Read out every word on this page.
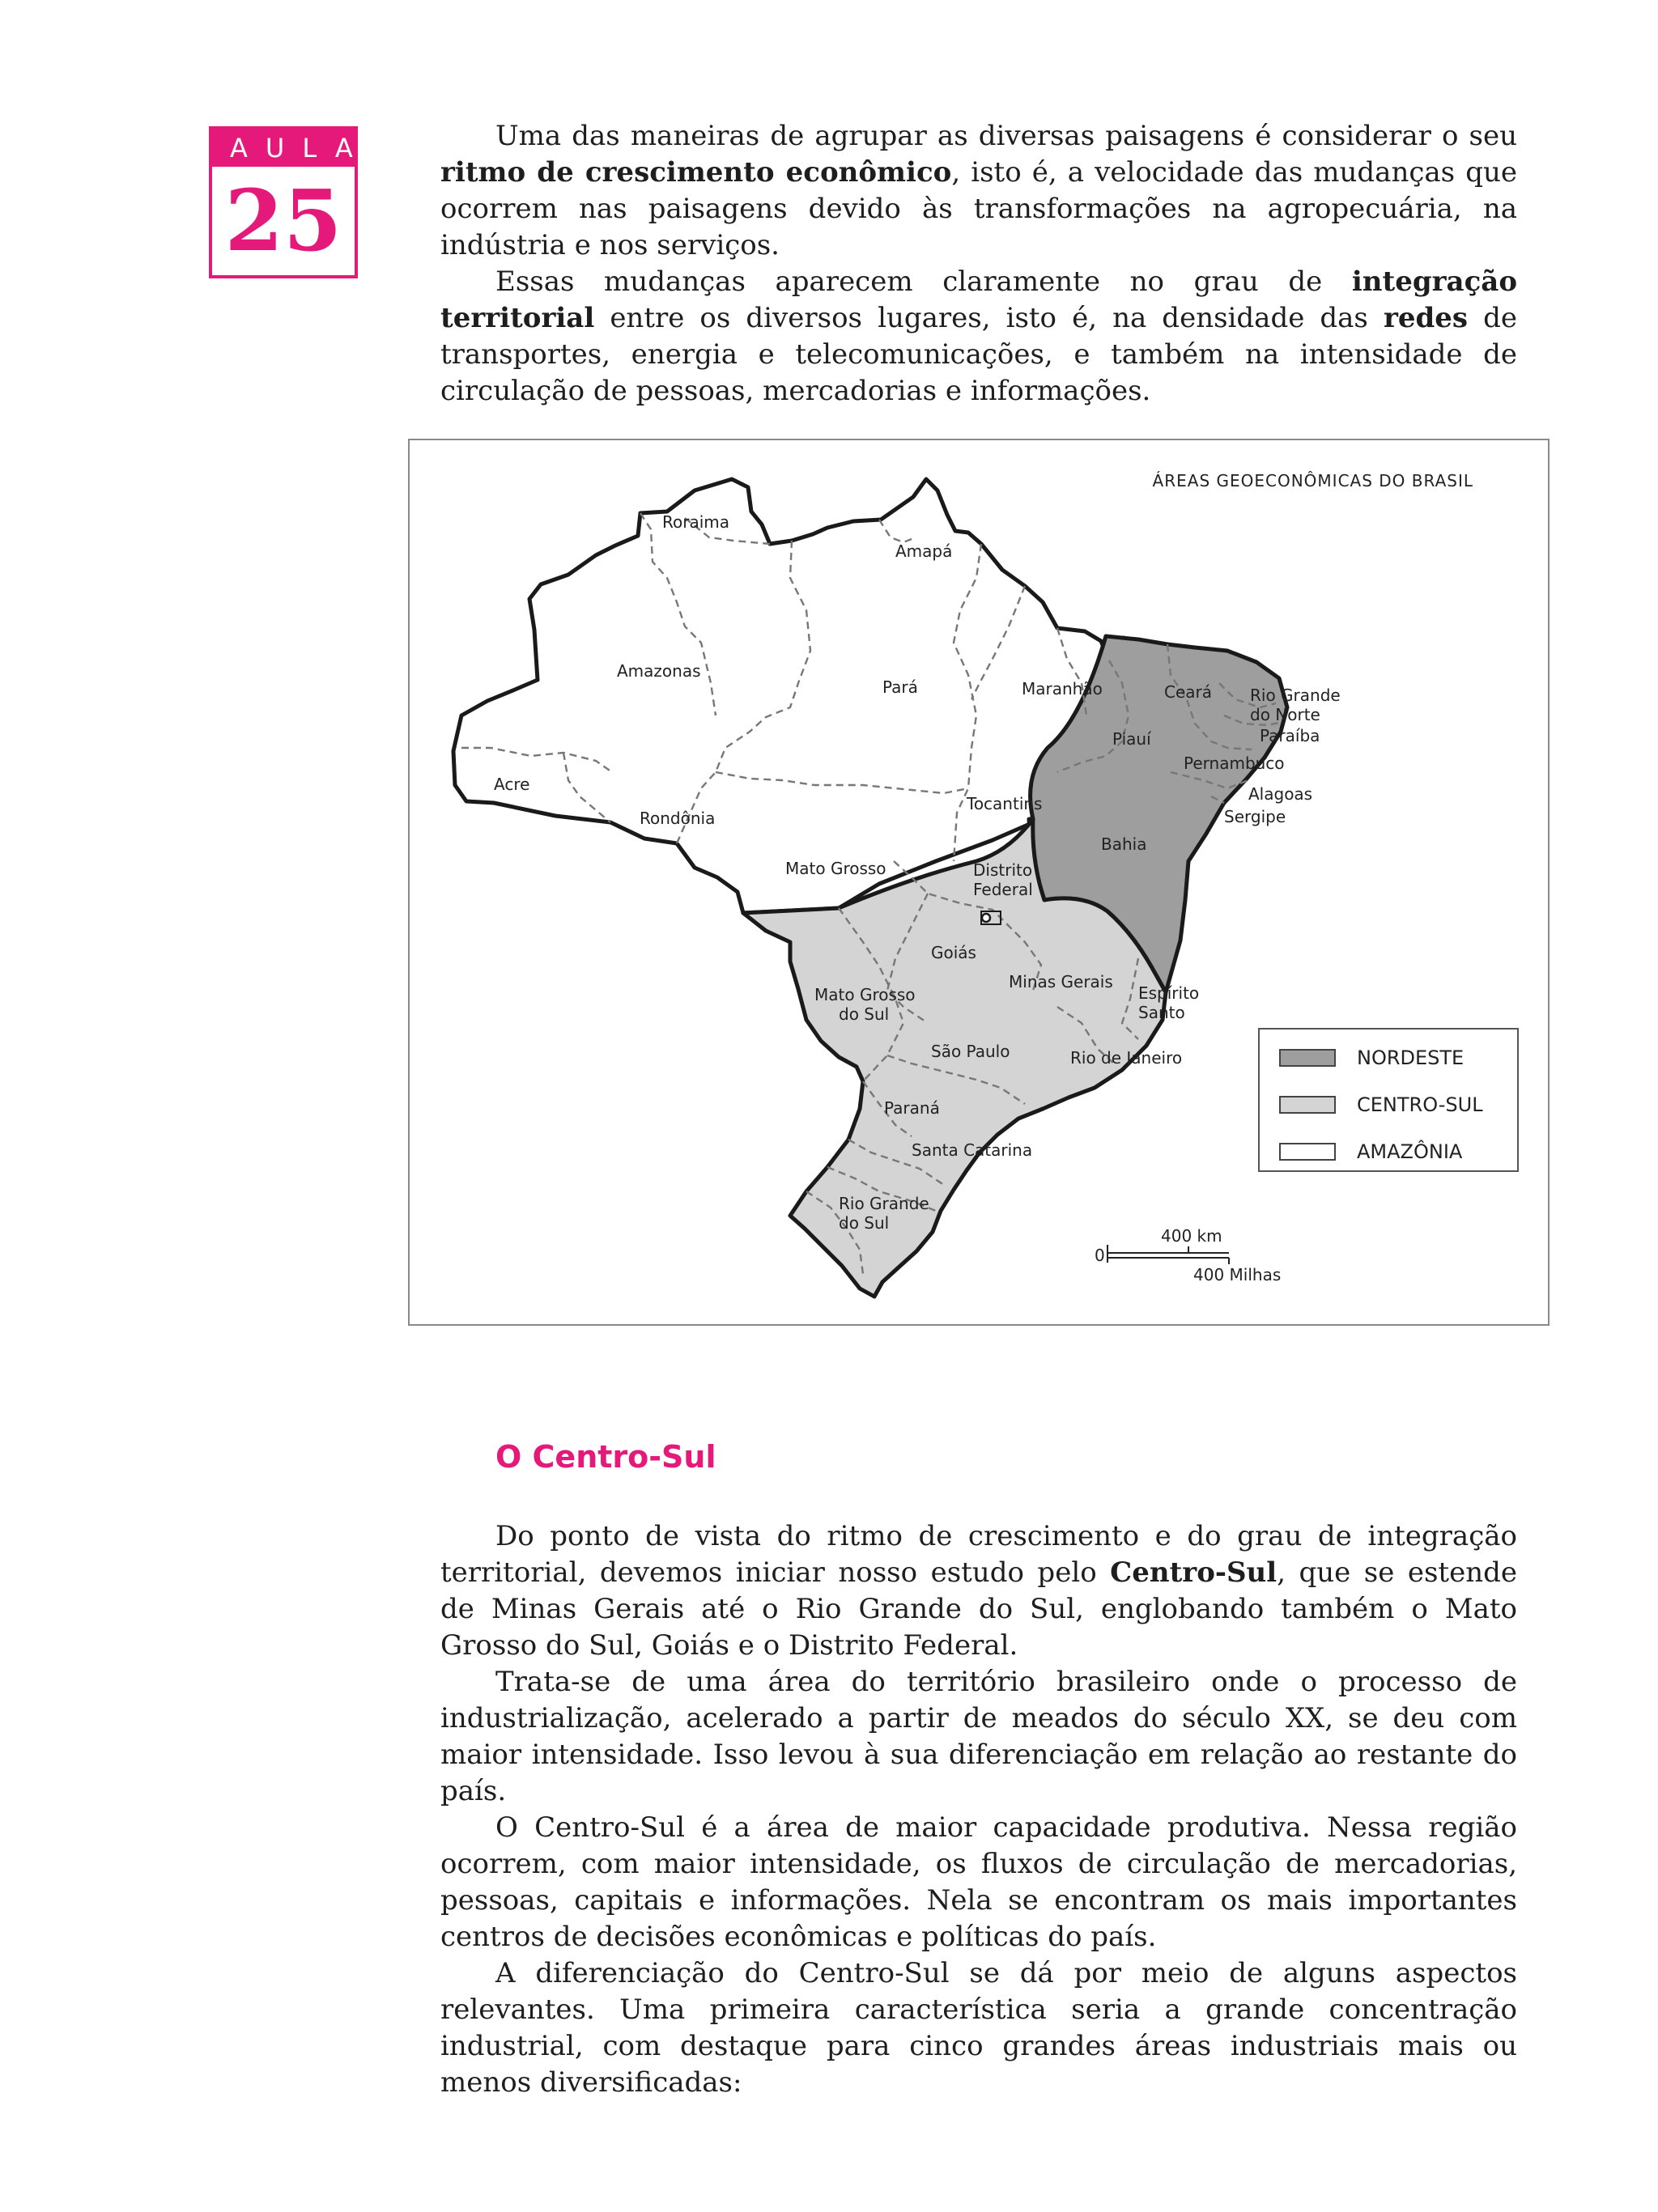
AULA
25

Uma das maneiras de agrupar as diversas paisagens é considerar o seu ritmo de crescimento econômico, isto é, a velocidade das mudanças que ocorrem nas paisagens devido às transformações na agropecuária, na indústria e nos serviços.

Essas mudanças aparecem claramente no grau de integração territorial entre os diversos lugares, isto é, na densidade das redes de transportes, energia e telecomunicações, e também na intensidade de circulação de pessoas, mercadorias e informações.

ÁREAS GEOECONÔMICAS DO BRASIL
Roraima
Amapá
Amazonas
Pará	Maranhão	Ceará Rio Grande
do Norte
Paraíba
Piauí
Pernambuco
Alagoas
Sergipe
Acre
Rondônia
Tocantins
Bahia
Mato Grosso	Distrito
Federal
Goiás
Mato Grosso
do Sul
Minas Gerais
Espírito
Santo
São Paulo	Rio de Janeiro
Paraná
Santa Catarina
Rio Grande
do Sul
0
400 km
400 Milhas
NORDESTE
CENTRO-SUL
AMAZÔNIA
O Centro-Sul

Do ponto de vista do ritmo de crescimento e do grau de integração territorial, devemos iniciar nosso estudo pelo Centro-Sul, que se estende de Minas Gerais até o Rio Grande do Sul, englobando também o Mato Grosso do Sul, Goiás e o Distrito Federal.

Trata-se de uma área do território brasileiro onde o processo de industrialização, acelerado a partir de meados do século XX, se deu com maior intensidade. Isso levou à sua diferenciação em relação ao restante do país.

O Centro-Sul é a área de maior capacidade produtiva. Nessa região ocorrem, com maior intensidade, os fluxos de circulação de mercadorias, pessoas, capitais e informações. Nela se encontram os mais importantes centros de decisões econômicas e políticas do país.

A diferenciação do Centro-Sul se dá por meio de alguns aspectos relevantes. Uma primeira característica seria a grande concentração industrial, com destaque para cinco grandes áreas industriais mais ou menos diversificadas:
